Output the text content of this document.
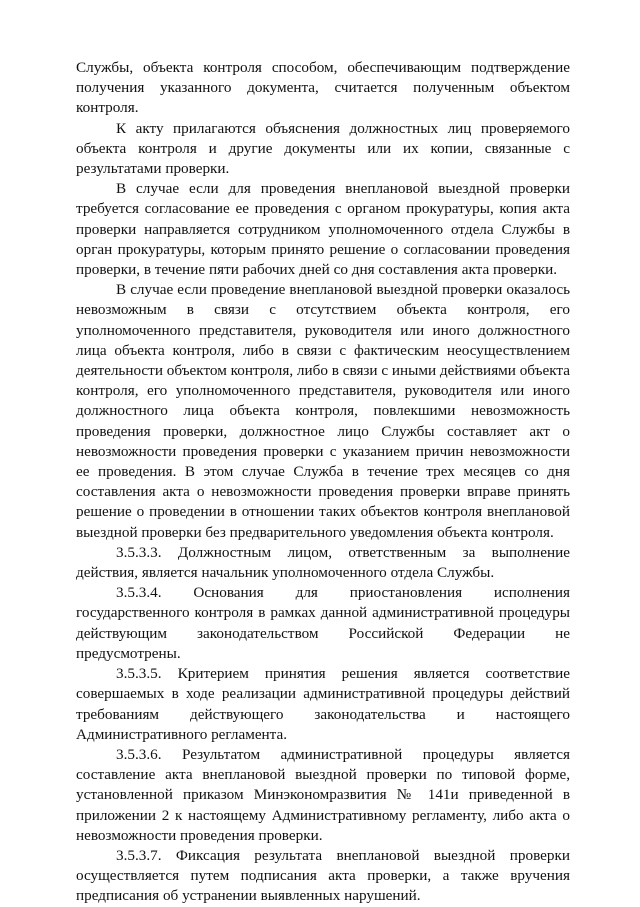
Службы, объекта контроля способом, обеспечивающим подтверждение получения указанного документа, считается полученным объектом контроля.

К акту прилагаются объяснения должностных лиц проверяемого объекта контроля и другие документы или их копии, связанные с результатами проверки.

В случае если для проведения внеплановой выездной проверки требуется согласование ее проведения с органом прокуратуры, копия акта проверки направляется сотрудником уполномоченного отдела Службы в орган прокуратуры, которым принято решение о согласовании проведения проверки, в течение пяти рабочих дней со дня составления акта проверки.

В случае если проведение внеплановой выездной проверки оказалось невозможным в связи с отсутствием объекта контроля, его уполномоченного представителя, руководителя или иного должностного лица объекта контроля, либо в связи с фактическим неосуществлением деятельности объектом контроля, либо в связи с иными действиями объекта контроля, его уполномоченного представителя, руководителя или иного должностного лица объекта контроля, повлекшими невозможность проведения проверки, должностное лицо Службы составляет акт о невозможности проведения проверки с указанием причин невозможности ее проведения. В этом случае Служба в течение трех месяцев со дня составления акта о невозможности проведения проверки вправе принять решение о проведении в отношении таких объектов контроля внеплановой выездной проверки без предварительного уведомления объекта контроля.

3.5.3.3. Должностным лицом, ответственным за выполнение действия, является начальник уполномоченного отдела Службы.

3.5.3.4. Основания для приостановления исполнения государственного контроля в рамках данной административной процедуры действующим законодательством Российской Федерации не предусмотрены.

3.5.3.5. Критерием принятия решения является соответствие совершаемых в ходе реализации административной процедуры действий требованиям действующего законодательства и настоящего Административного регламента.

3.5.3.6. Результатом административной процедуры является составление акта внеплановой выездной проверки по типовой форме, установленной приказом Минэкономразвития № 141и приведенной в приложении 2 к настоящему Административному регламенту, либо акта о невозможности проведения проверки.

3.5.3.7. Фиксация результата внеплановой выездной проверки осуществляется путем подписания акта проверки, а также вручения предписания об устранении выявленных нарушений.
